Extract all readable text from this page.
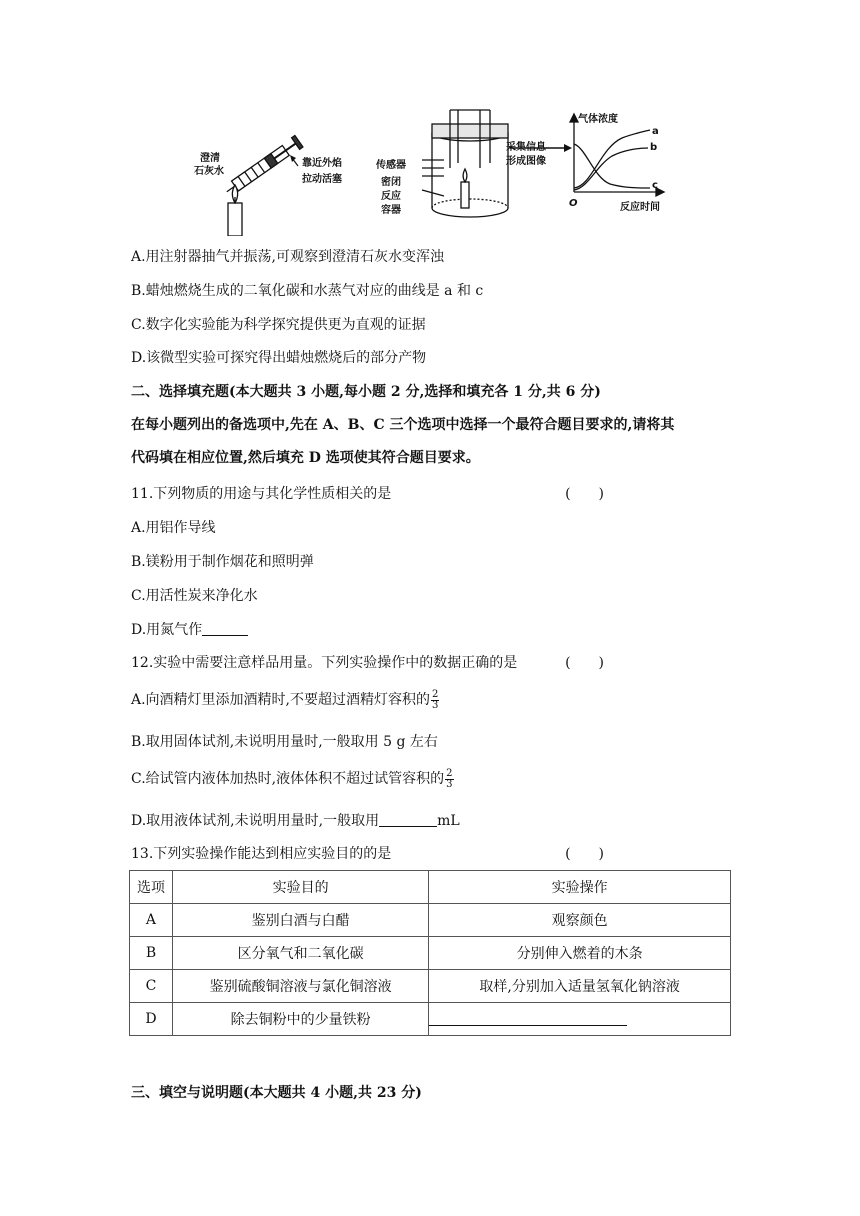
澄清
石灰水
靠近外焰
拉动活塞
传感器
密闭
反应
容器
采集信息
形成图像
气体浓度
反应时间
O
a
b
c
A.用注射器抽气并振荡,可观察到澄清石灰水变浑浊
B.蜡烛燃烧生成的二氧化碳和水蒸气对应的曲线是 a 和 c
C.数字化实验能为科学探究提供更为直观的证据
D.该微型实验可探究得出蜡烛燃烧后的部分产物
二、选择填充题(本大题共 3 小题,每小题 2 分,选择和填充各 1 分,共 6 分)
在每小题列出的备选项中,先在 A、B、C 三个选项中选择一个最符合题目要求的,请将其
代码填在相应位置,然后填充 D 选项使其符合题目要求。
11.下列物质的用途与其化学性质相关的是	(　　)
A.用铝作导线
B.镁粉用于制作烟花和照明弹
C.用活性炭来净化水
D.用氮气作
12.实验中需要注意样品用量。下列实验操作中的数据正确的是	(　　)
A.向酒精灯里添加酒精时,不要超过酒精灯容积的 $\frac{2}{3}$
B.取用固体试剂,未说明用量时,一般取用 5 g 左右
C.给试管内液体加热时,液体体积不超过试管容积的 $\frac{2}{3}$
D.取用液体试剂,未说明用量时,一般取用	mL
13.下列实验操作能达到相应实验目的的是	(　　)
选项	实验目的	实验操作
A	鉴别白酒与白醋	观察颜色
B	区分氧气和二氧化碳	分别伸入燃着的木条
C	鉴别硫酸铜溶液与氯化铜溶液	取样,分别加入适量氢氧化钠溶液
D	除去铜粉中的少量铁粉	
三、填空与说明题(本大题共 4 小题,共 23 分)
